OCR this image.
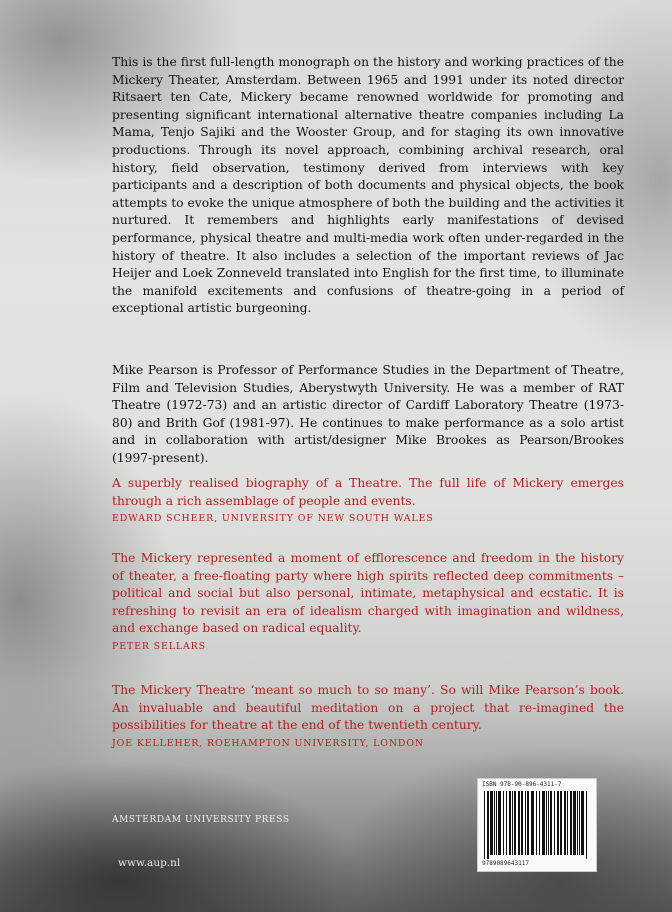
This is the first full-length monograph on the history and working practices of the Mickery Theater, Amsterdam. Between 1965 and 1991 under its noted director Ritsaert ten Cate, Mickery became renowned worldwide for promoting and presenting significant international alternative theatre companies including La Mama, Tenjo Sajiki and the Wooster Group, and for staging its own innovative productions. Through its novel approach, combining archival research, oral history, field observation, testimony derived from interviews with key participants and a description of both documents and physical objects, the book attempts to evoke the unique atmosphere of both the building and the activities it nurtured. It remembers and highlights early manifestations of devised performance, physical theatre and multi-media work often under-regarded in the history of theatre. It also includes a selection of the important reviews of Jac Heijer and Loek Zonneveld translated into English for the first time, to illuminate the manifold excitements and confusions of theatre-going in a period of exceptional artistic burgeoning.

Mike Pearson is Professor of Performance Studies in the Department of Theatre, Film and Television Studies, Aberystwyth University. He was a member of RAT Theatre (1972-73) and an artistic director of Cardiff Laboratory Theatre (1973-80) and Brith Gof (1981-97). He continues to make performance as a solo artist and in collaboration with artist/designer Mike Brookes as Pearson/Brookes (1997-present).

A superbly realised biography of a Theatre. The full life of Mickery emerges through a rich assemblage of people and events.

EDWARD SCHEER, UNIVERSITY OF NEW SOUTH WALES

The Mickery represented a moment of efflorescence and freedom in the history of theater, a free-floating party where high spirits reflected deep commitments – political and social but also personal, intimate, metaphysical and ecstatic. It is refreshing to revisit an era of idealism charged with imagination and wildness, and exchange based on radical equality.

PETER SELLARS

The Mickery Theatre ‘meant so much to so many’. So will Mike Pearson’s book. An invaluable and beautiful meditation on a project that re-imagined the possibilities for theatre at the end of the twentieth century.

JOE KELLEHER, ROEHAMPTON UNIVERSITY, LONDON

AMSTERDAM UNIVERSITY PRESS

www.aup.nl

ISBN 978-90-896-4311-7

9789089643117
